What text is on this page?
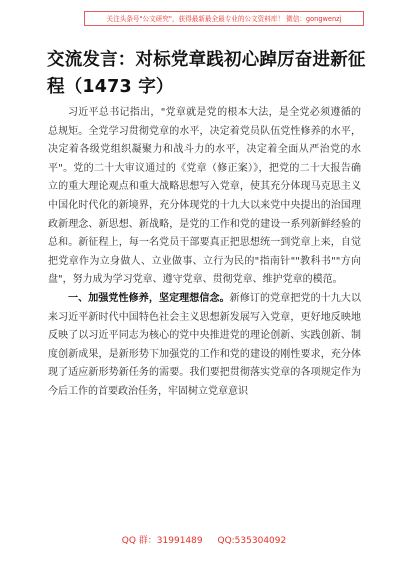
关注头条号"公文研究"，获得最新最全最专业的公文资料库！ 微信：gongwenzj
交流发言：对标党章践初心踔厉奋进新征程（1473 字）

习近平总书记指出，"党章就是党的根本大法，是全党必须遵循的总规矩。全党学习贯彻党章的水平，决定着党员队伍党性修养的水平，决定着各级党组织凝聚力和战斗力的水平，决定着全面从严治党的水平"。党的二十大审议通过的《党章（修正案）》，把党的二十大报告确立的重大理论观点和重大战略思想写入党章，使其充分体现马克思主义中国化时代化的新境界，充分体现党的十九大以来党中央提出的治国理政新理念、新思想、新战略，是党的工作和党的建设一系列新鲜经验的总和。新征程上，每一名党员干部要真正把思想统一到党章上来，自觉把党章作为立身做人、立业做事、立行为民的"指南针""教科书""方向盘"，努力成为学习党章、遵守党章、贯彻党章、维护党章的模范。

一、加强党性修养，坚定理想信念。新修订的党章把党的十九大以来习近平新时代中国特色社会主义思想新发展写入党章，更好地反映地反映了以习近平同志为核心的党中央推进党的理论创新、实践创新、制度创新成果，是新形势下加强党的工作和党的建设的刚性要求，充分体现了适应新形势新任务的需要。我们要把贯彻落实党章的各项规定作为今后工作的首要政治任务，牢固树立党章意识

QQ 群：31991489 QQ:535304092
